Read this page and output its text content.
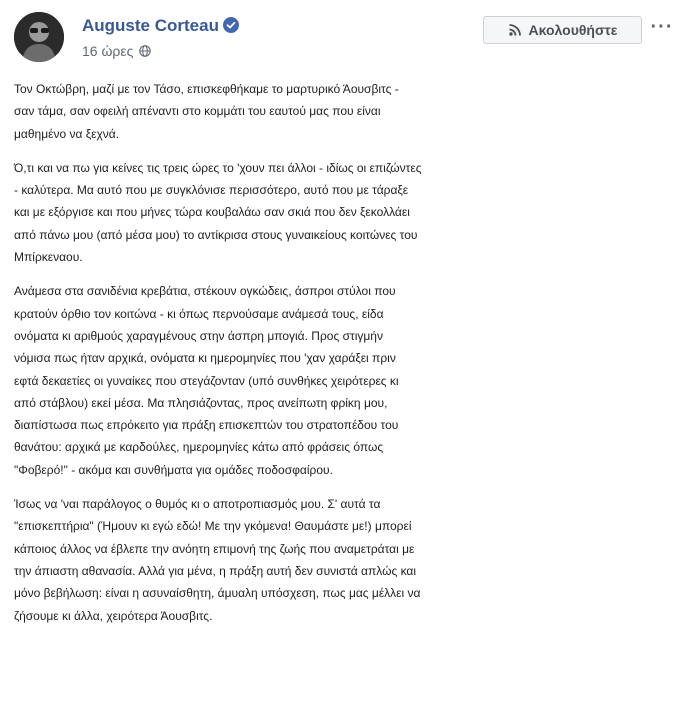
Auguste Corteau
16 ώρες
Ακολουθήστε ···

Τον Οκτώβρη, μαζί με τον Τάσο, επισκεφθήκαμε το μαρτυρικό Άουσβιτς -
σαν τάμα, σαν οφειλή απέναντι στο κομμάτι του εαυτού μας που είναι
μαθημένο να ξεχνά.

Ό,τι και να πω για κείνες τις τρεις ώρες το 'χουν πει άλλοι - ιδίως οι επιζώντες
- καλύτερα. Μα αυτό που με συγκλόνισε περισσότερο, αυτό που με τάραξε
και με εξόργισε και που μήνες τώρα κουβαλάω σαν σκιά που δεν ξεκολλάει
από πάνω μου (από μέσα μου) το αντίκρισα στους γυναικείους κοιτώνες του
Μπίρκεναου.

Ανάμεσα στα σανιδένια κρεβάτια, στέκουν ογκώδεις, άσπροι στύλοι που
κρατούν όρθιο τον κοιτώνα - κι όπως περνούσαμε ανάμεσά τους, είδα
ονόματα κι αριθμούς χαραγμένους στην άσπρη μπογιά. Προς στιγμήν
νόμισα πως ήταν αρχικά, ονόματα κι ημερομηνίες που 'χαν χαράξει πριν
εφτά δεκαετίες οι γυναίκες που στεγάζονταν (υπό συνθήκες χειρότερες κι
από στάβλου) εκεί μέσα. Μα πλησιάζοντας, προς ανείπωτη φρίκη μου,
διαπίστωσα πως επρόκειτο για πράξη επισκεπτών του στρατοπέδου του
θανάτου: αρχικά με καρδούλες, ημερομηνίες κάτω από φράσεις όπως
"Φοβερό!" - ακόμα και συνθήματα για ομάδες ποδοσφαίρου.

Ίσως να 'ναι παράλογος ο θυμός κι ο αποτροπιασμός μου. Σ' αυτά τα
"επισκεπτήρια" (Ήμουν κι εγώ εδώ! Με την γκόμενα! Θαυμάστε με!) μπορεί
κάποιος άλλος να έβλεπε την ανόητη επιμονή της ζωής που αναμετράται με
την άπιαστη αθανασία. Αλλά για μένα, η πράξη αυτή δεν συνιστά απλώς και
μόνο βεβήλωση: είναι η ασυναίσθητη, άμυαλη υπόσχεση, πως μας μέλλει να
ζήσουμε κι άλλα, χειρότερα Άουσβιτς.
